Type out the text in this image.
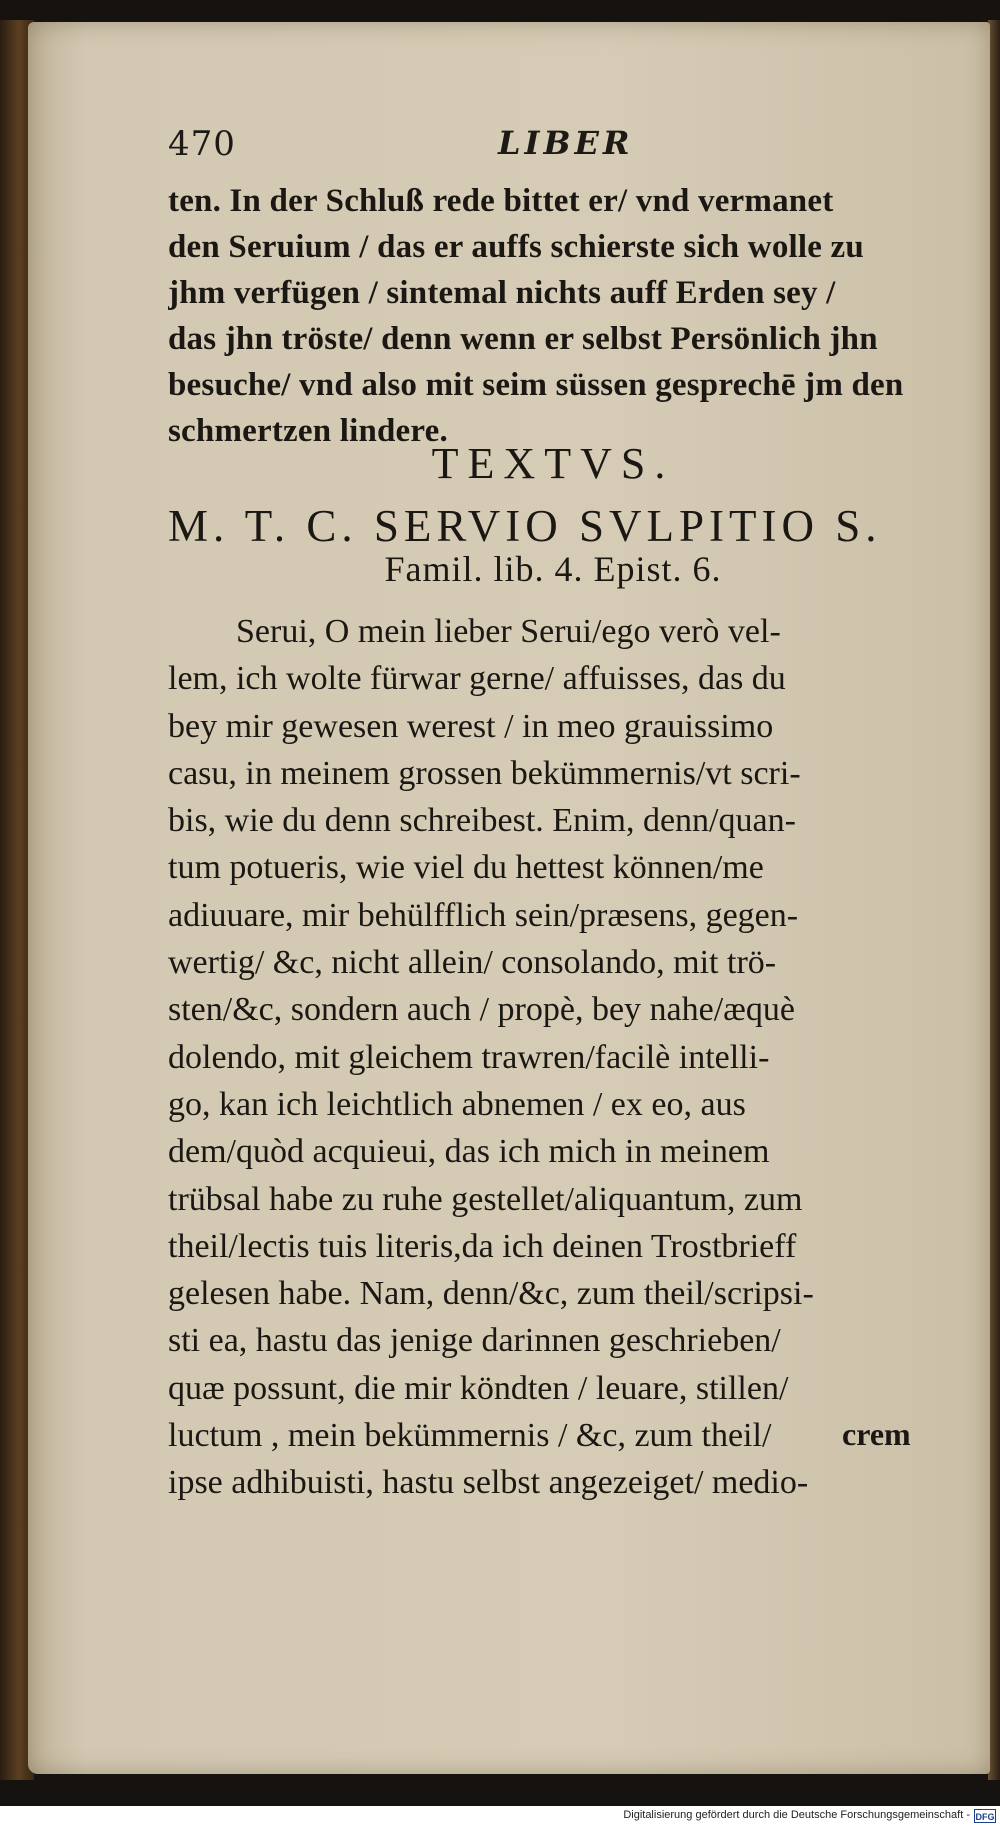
470	LIBER
ten. In der Schluß rede bittet er/ vnd vermanet
den Seruium / das er auffs schierste sich wolle zu
jhm verfügen / sintemal nichts auff Erden sey /
das jhn tröste/ denn wenn er selbst Persönlich jhn
besuche/ vnd also mit seim süssen gesprechē jm den
schmertzen lindere.
TEXTVS.
M. T. C. SERVIO SVLPITIO S.
Famil. lib. 4. Epist. 6.
Serui, O mein lieber Serui/ego verò vel-
lem, ich wolte fürwar gerne/ affuisses, das du
bey mir gewesen werest / in meo grauissimo
casu, in meinem grossen bekümmernis/vt scri-
bis, wie du denn schreibest. Enim, denn/quan-
tum potueris, wie viel du hettest können/me
adiuuare, mir behülfflich sein/præsens, gegen-
wertig/ &c, nicht allein/ consolando, mit trö-
sten/&c, sondern auch / propè, bey nahe/æquè
dolendo, mit gleichem trawren/facilè intelli-
go, kan ich leichtlich abnemen / ex eo, aus
dem/quòd acquieui, das ich mich in meinem
trübsal habe zu ruhe gestellet/aliquantum, zum
theil/lectis tuis literis,da ich deinen Trostbrieff
gelesen habe. Nam, denn/&c, zum theil/scripsi-
sti ea, hastu das jenige darinnen geschrieben/
quæ possunt, die mir köndten / leuare, stillen/
luctum , mein bekümmernis / &c, zum theil/
ipse adhibuisti, hastu selbst angezeiget/ medio-
crem
Digitalisierung gefördert durch die Deutsche Forschungsgemeinschaft - DFG
